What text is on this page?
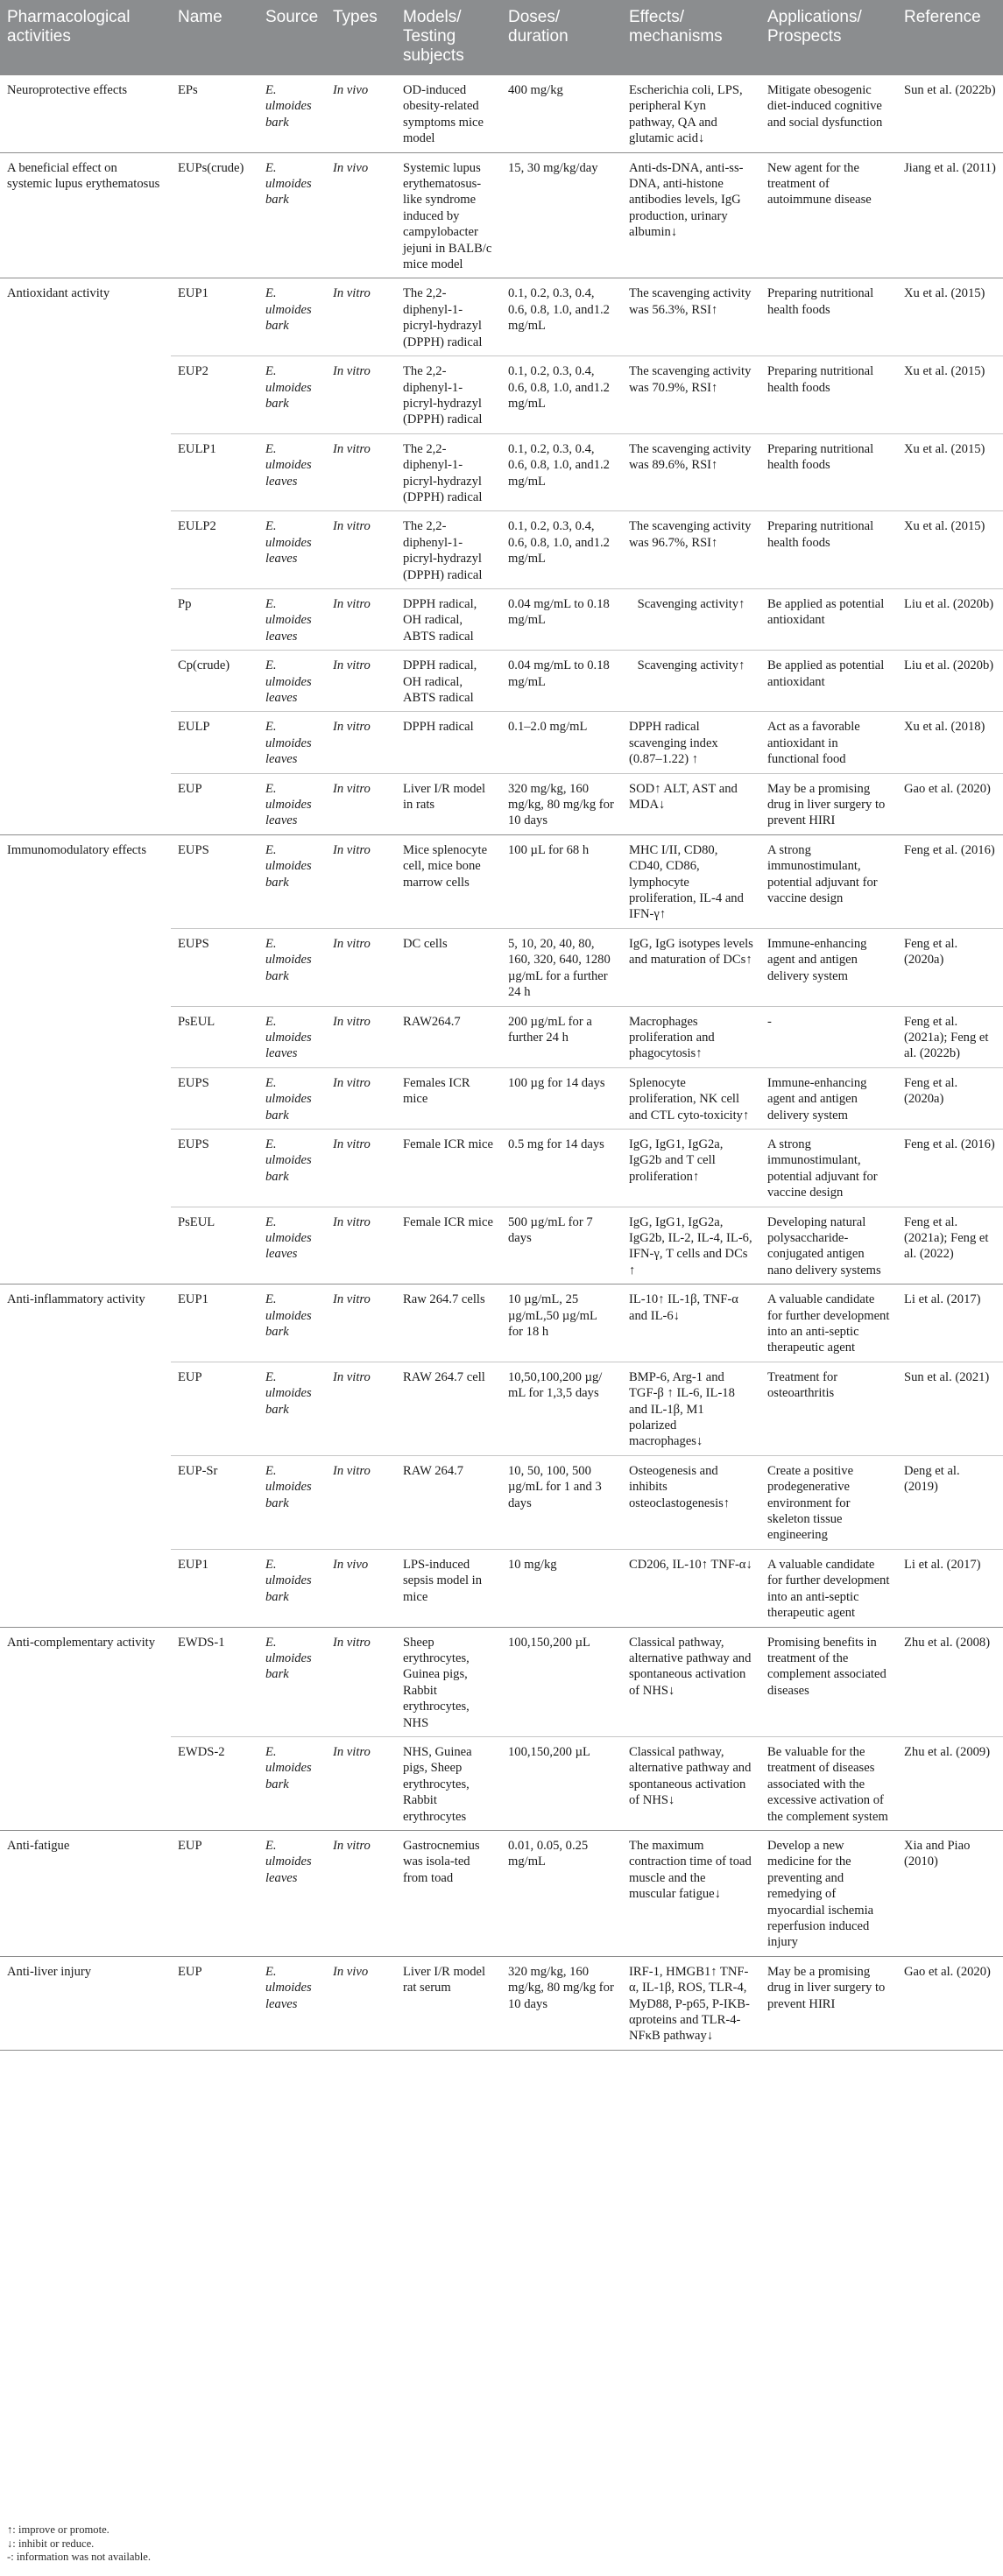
Pharmacological activities	Name	Source	Types	Models/ Testing subjects	Doses/ duration	Effects/ mechanisms	Applications/ Prospects	Reference
Neuroprotective effects	EPs	E. ulmoides bark	In vivo	OD-induced obesity-related symptoms mice model	400 mg/kg	Escherichia coli, LPS, peripheral Kyn pathway, QA and glutamic acid↓	Mitigate obesogenic diet-induced cognitive and social dysfunction	Sun et al. (2022b)
A beneficial effect on systemic lupus erythematosus	EUPs(crude)	E. ulmoides bark	In vivo	Systemic lupus erythematosus-like syndrome induced by campylobacter jejuni in BALB/c mice model	15, 30 mg/kg/day	Anti-ds-DNA, anti-ss-DNA, anti-histone antibodies levels, IgG production, urinary albumin↓	New agent for the treatment of autoimmune disease	Jiang et al. (2011)
Antioxidant activity	EUP1	E. ulmoides bark	In vitro	The 2,2-diphenyl-1-picryl-hydrazyl (DPPH) radical	0.1, 0.2, 0.3, 0.4, 0.6, 0.8, 1.0, and1.2 mg/mL	The scavenging activity was 56.3%, RSI↑	Preparing nutritional health foods	Xu et al. (2015)
	EUP2	E. ulmoides bark	In vitro	The 2,2-diphenyl-1-picryl-hydrazyl (DPPH) radical	0.1, 0.2, 0.3, 0.4, 0.6, 0.8, 1.0, and1.2 mg/mL	The scavenging activity was 70.9%, RSI↑	Preparing nutritional health foods	Xu et al. (2015)
	EULP1	E. ulmoides leaves	In vitro	The 2,2-diphenyl-1-picryl-hydrazyl (DPPH) radical	0.1, 0.2, 0.3, 0.4, 0.6, 0.8, 1.0, and1.2 mg/mL	The scavenging activity was 89.6%, RSI↑	Preparing nutritional health foods	Xu et al. (2015)
	EULP2	E. ulmoides leaves	In vitro	The 2,2-diphenyl-1-picryl-hydrazyl (DPPH) radical	0.1, 0.2, 0.3, 0.4, 0.6, 0.8, 1.0, and1.2 mg/mL	The scavenging activity was 96.7%, RSI↑	Preparing nutritional health foods	Xu et al. (2015)
	Pp	E. ulmoides leaves	In vitro	DPPH radical, OH radical, ABTS radical	0.04 mg/mL to 0.18 mg/mL	Scavenging activity↑	Be applied as potential antioxidant	Liu et al. (2020b)
	Cp(crude)	E. ulmoides leaves	In vitro	DPPH radical, OH radical, ABTS radical	0.04 mg/mL to 0.18 mg/mL	Scavenging activity↑	Be applied as potential antioxidant	Liu et al. (2020b)
	EULP	E. ulmoides leaves	In vitro	DPPH radical	0.1–2.0 mg/mL	DPPH radical scavenging index (0.87–1.22) ↑	Act as a favorable antioxidant in functional food	Xu et al. (2018)
	EUP	E. ulmoides leaves	In vitro	Liver I/R model in rats	320 mg/kg, 160 mg/kg, 80 mg/kg for 10 days	SOD↑ ALT, AST and MDA↓	May be a promising drug in liver surgery to prevent HIRI	Gao et al. (2020)
Immunomodulatory effects	EUPS	E. ulmoides bark	In vitro	Mice splenocyte cell, mice bone marrow cells	100 µL for 68 h	MHC I/II, CD80, CD40, CD86, lymphocyte proliferation, IL-4 and IFN-γ↑	A strong immunostimulant, potential adjuvant for vaccine design	Feng et al. (2016)
	EUPS	E. ulmoides bark	In vitro	DC cells	5, 10, 20, 40, 80, 160, 320, 640, 1280 µg/mL for a further 24 h	IgG, IgG isotypes levels and maturation of DCs↑	Immune-enhancing agent and antigen delivery system	Feng et al. (2020a)
	PsEUL	E. ulmoides leaves	In vitro	RAW264.7	200 µg/mL for a further 24 h	Macrophages proliferation and phagocytosis↑	-	Feng et al. (2021a); Feng et al. (2022b)
	EUPS	E. ulmoides bark	In vitro	Females ICR mice	100 µg for 14 days	Splenocyte proliferation, NK cell and CTL cyto-toxicity↑	Immune-enhancing agent and antigen delivery system	Feng et al. (2020a)
	EUPS	E. ulmoides bark	In vitro	Female ICR mice	0.5 mg for 14 days	IgG, IgG1, IgG2a, IgG2b and T cell proliferation↑	A strong immunostimulant, potential adjuvant for vaccine design	Feng et al. (2016)
	PsEUL	E. ulmoides leaves	In vitro	Female ICR mice	500 µg/mL for 7 days	IgG, IgG1, IgG2a, IgG2b, IL-2, IL-4, IL-6, IFN-γ, T cells and DCs ↑	Developing natural polysaccharide-conjugated antigen nano delivery systems	Feng et al. (2021a); Feng et al. (2022)
Anti-inflammatory activity	EUP1	E. ulmoides bark	In vitro	Raw 264.7 cells	10 µg/mL, 25 µg/mL,50 µg/mL for 18 h	IL-10↑ IL-1β, TNF-α and IL-6↓	A valuable candidate for further development into an anti-septic therapeutic agent	Li et al. (2017)
	EUP	E. ulmoides bark	In vitro	RAW 264.7 cell	10,50,100,200 µg/ mL for 1,3,5 days	BMP-6, Arg-1 and TGF-β ↑ IL-6, IL-18 and IL-1β, M1 polarized macrophages↓	Treatment for osteoarthritis	Sun et al. (2021)
	EUP-Sr	E. ulmoides bark	In vitro	RAW 264.7	10, 50, 100, 500 µg/mL for 1 and 3 days	Osteogenesis and inhibits osteoclastogenesis↑	Create a positive prodegenerative environment for skeleton tissue engineering	Deng et al. (2019)
	EUP1	E. ulmoides bark	In vivo	LPS-induced sepsis model in mice	10 mg/kg	CD206, IL-10↑ TNF-α↓	A valuable candidate for further development into an anti-septic therapeutic agent	Li et al. (2017)
Anti-complementary activity	EWDS-1	E. ulmoides bark	In vitro	Sheep erythrocytes, Guinea pigs, Rabbit erythrocytes, NHS	100,150,200 µL	Classical pathway, alternative pathway and spontaneous activation of NHS↓	Promising benefits in treatment of the complement associated diseases	Zhu et al. (2008)
	EWDS-2	E. ulmoides bark	In vitro	NHS, Guinea pigs, Sheep erythrocytes, Rabbit erythrocytes	100,150,200 µL	Classical pathway, alternative pathway and spontaneous activation of NHS↓	Be valuable for the treatment of diseases associated with the excessive activation of the complement system	Zhu et al. (2009)
Anti-fatigue	EUP	E. ulmoides leaves	In vitro	Gastrocnemius was isola-ted from toad	0.01, 0.05, 0.25 mg/mL	The maximum contraction time of toad muscle and the muscular fatigue↓	Develop a new medicine for the preventing and remedying of myocardial ischemia reperfusion induced injury	Xia and Piao (2010)
Anti-liver injury	EUP	E. ulmoides leaves	In vivo	Liver I/R model rat serum	320 mg/kg, 160 mg/kg, 80 mg/kg for 10 days	IRF-1, HMGB1↑ TNF-α, IL-1β, ROS, TLR-4, MyD88, P-p65, P-IKB-αproteins and TLR-4-NFκB pathway↓	May be a promising drug in liver surgery to prevent HIRI	Gao et al. (2020)
↑: improve or promote.
↓: inhibit or reduce.
-: information was not available.
